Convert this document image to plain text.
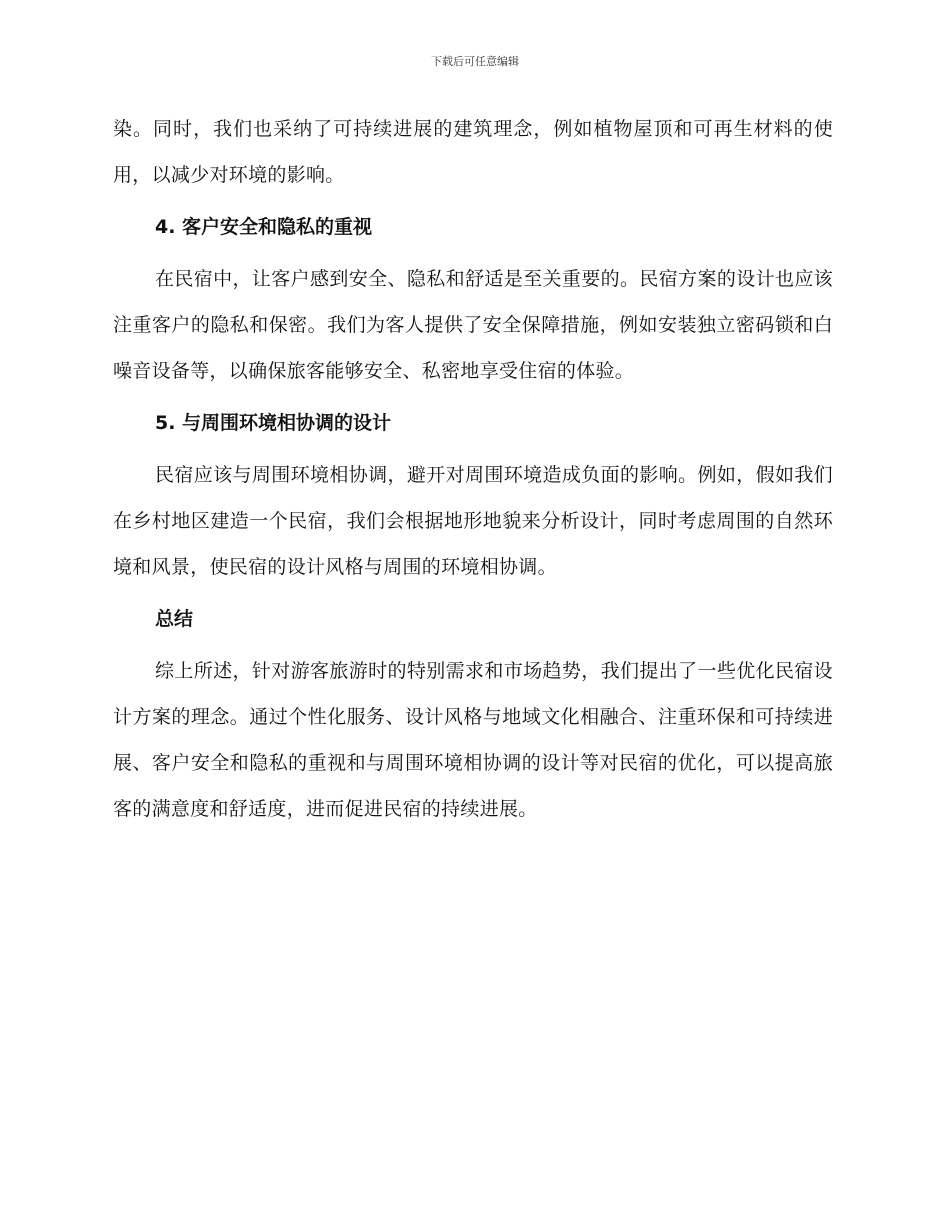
下载后可任意编辑

染。同时，我们也采纳了可持续进展的建筑理念，例如植物屋顶和可再生材料的使用，以减少对环境的影响。

4. 客户安全和隐私的重视

在民宿中，让客户感到安全、隐私和舒适是至关重要的。民宿方案的设计也应该注重客户的隐私和保密。我们为客人提供了安全保障措施，例如安装独立密码锁和白噪音设备等，以确保旅客能够安全、私密地享受住宿的体验。

5. 与周围环境相协调的设计

民宿应该与周围环境相协调，避开对周围环境造成负面的影响。例如，假如我们在乡村地区建造一个民宿，我们会根据地形地貌来分析设计，同时考虑周围的自然环境和风景，使民宿的设计风格与周围的环境相协调。

总结

综上所述，针对游客旅游时的特别需求和市场趋势，我们提出了一些优化民宿设计方案的理念。通过个性化服务、设计风格与地域文化相融合、注重环保和可持续进展、客户安全和隐私的重视和与周围环境相协调的设计等对民宿的优化，可以提高旅客的满意度和舒适度，进而促进民宿的持续进展。
